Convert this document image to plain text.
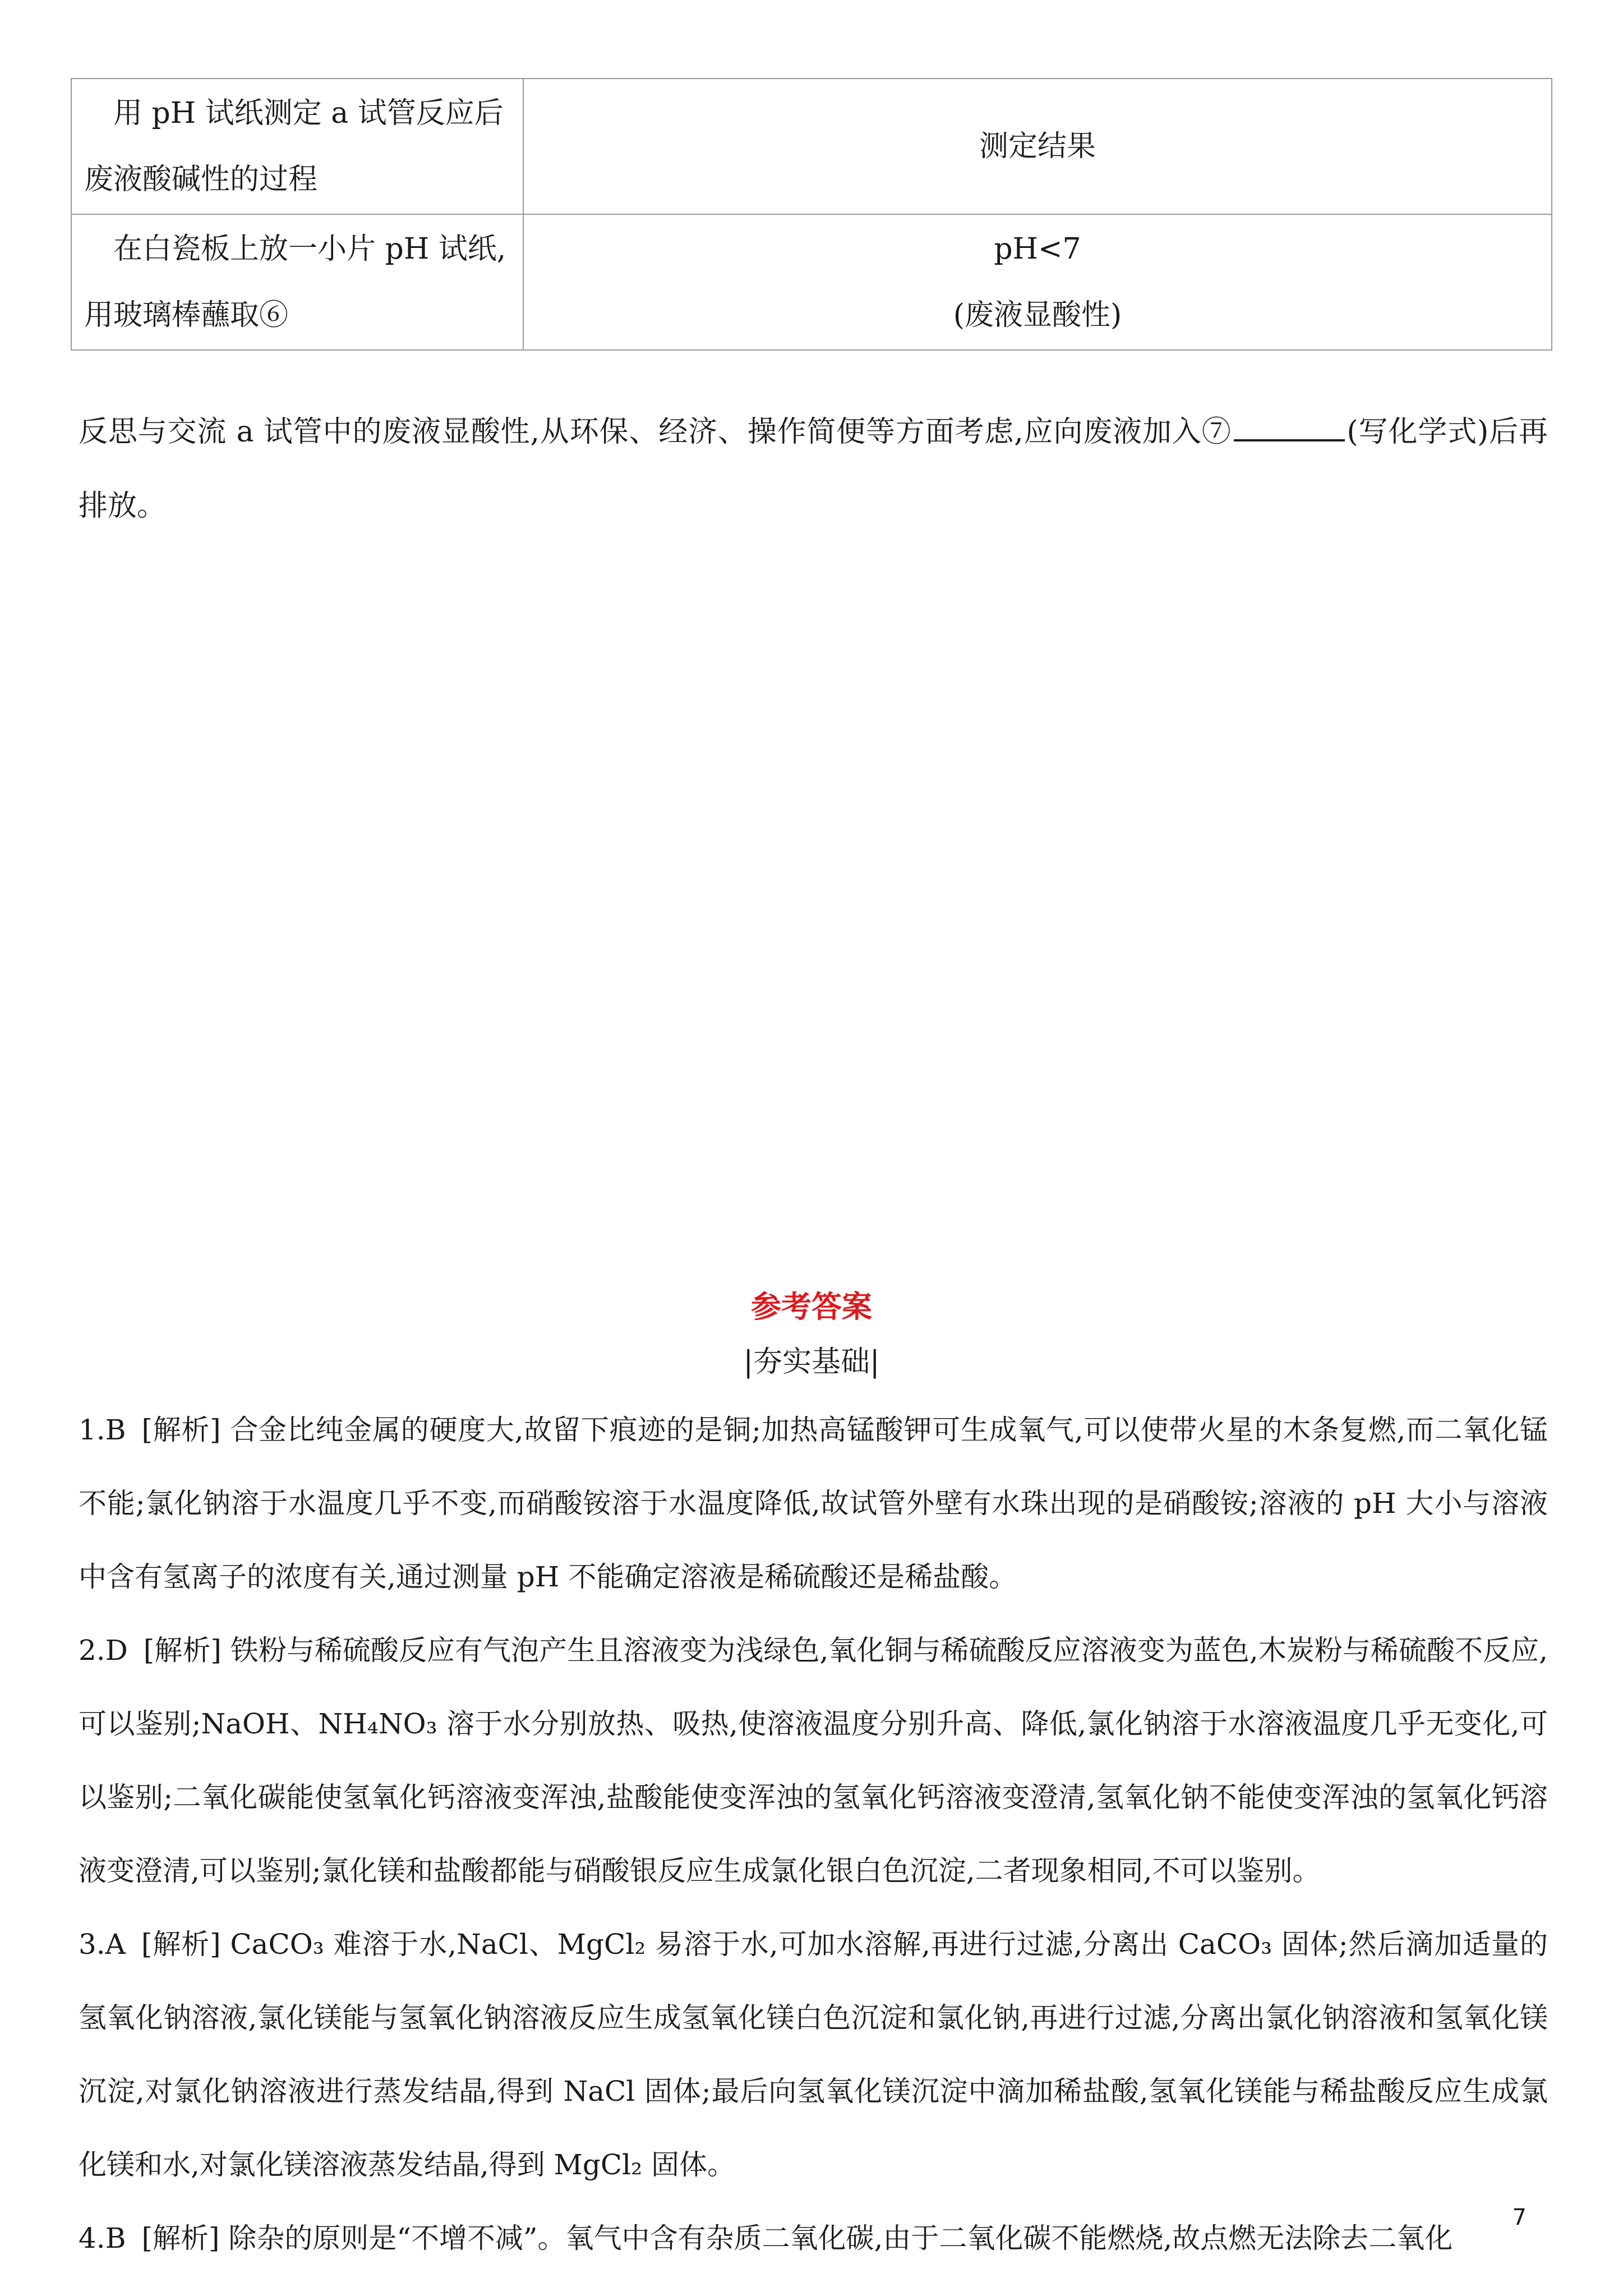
用 pH 试纸测定 a 试管反应后废液酸碱性的过程	测定结果
在白瓷板上放一小片 pH 试纸,用玻璃棒蘸取⑥	pH<7
(废液显酸性)
反思与交流 a 试管中的废液显酸性,从环保、经济、操作简便等方面考虑,应向废液加入⑦	(写化学式)后再排放。
参考答案
|夯实基础|

1.B [解析] 合金比纯金属的硬度大,故留下痕迹的是铜;加热高锰酸钾可生成氧气,可以使带火星的木条复燃,而二氧化锰不能;氯化钠溶于水温度几乎不变,而硝酸铵溶于水温度降低,故试管外壁有水珠出现的是硝酸铵;溶液的 pH 大小与溶液中含有氢离子的浓度有关,通过测量 pH 不能确定溶液是稀硫酸还是稀盐酸。

2.D [解析] 铁粉与稀硫酸反应有气泡产生且溶液变为浅绿色,氧化铜与稀硫酸反应溶液变为蓝色,木炭粉与稀硫酸不反应,可以鉴别;NaOH、NH₄NO₃ 溶于水分别放热、吸热,使溶液温度分别升高、降低,氯化钠溶于水溶液温度几乎无变化,可以鉴别;二氧化碳能使氢氧化钙溶液变浑浊,盐酸能使变浑浊的氢氧化钙溶液变澄清,氢氧化钠不能使变浑浊的氢氧化钙溶液变澄清,可以鉴别;氯化镁和盐酸都能与硝酸银反应生成氯化银白色沉淀,二者现象相同,不可以鉴别。

3.A [解析] CaCO₃ 难溶于水,NaCl、MgCl₂ 易溶于水,可加水溶解,再进行过滤,分离出 CaCO₃ 固体;然后滴加适量的氢氧化钠溶液,氯化镁能与氢氧化钠溶液反应生成氢氧化镁白色沉淀和氯化钠,再进行过滤,分离出氯化钠溶液和氢氧化镁沉淀,对氯化钠溶液进行蒸发结晶,得到 NaCl 固体;最后向氢氧化镁沉淀中滴加稀盐酸,氢氧化镁能与稀盐酸反应生成氯化镁和水,对氯化镁溶液蒸发结晶,得到 MgCl₂ 固体。

4.B [解析] 除杂的原则是“不增不减”。氧气中含有杂质二氧化碳,由于二氧化碳不能燃烧,故点燃无法除去二氧化

7
